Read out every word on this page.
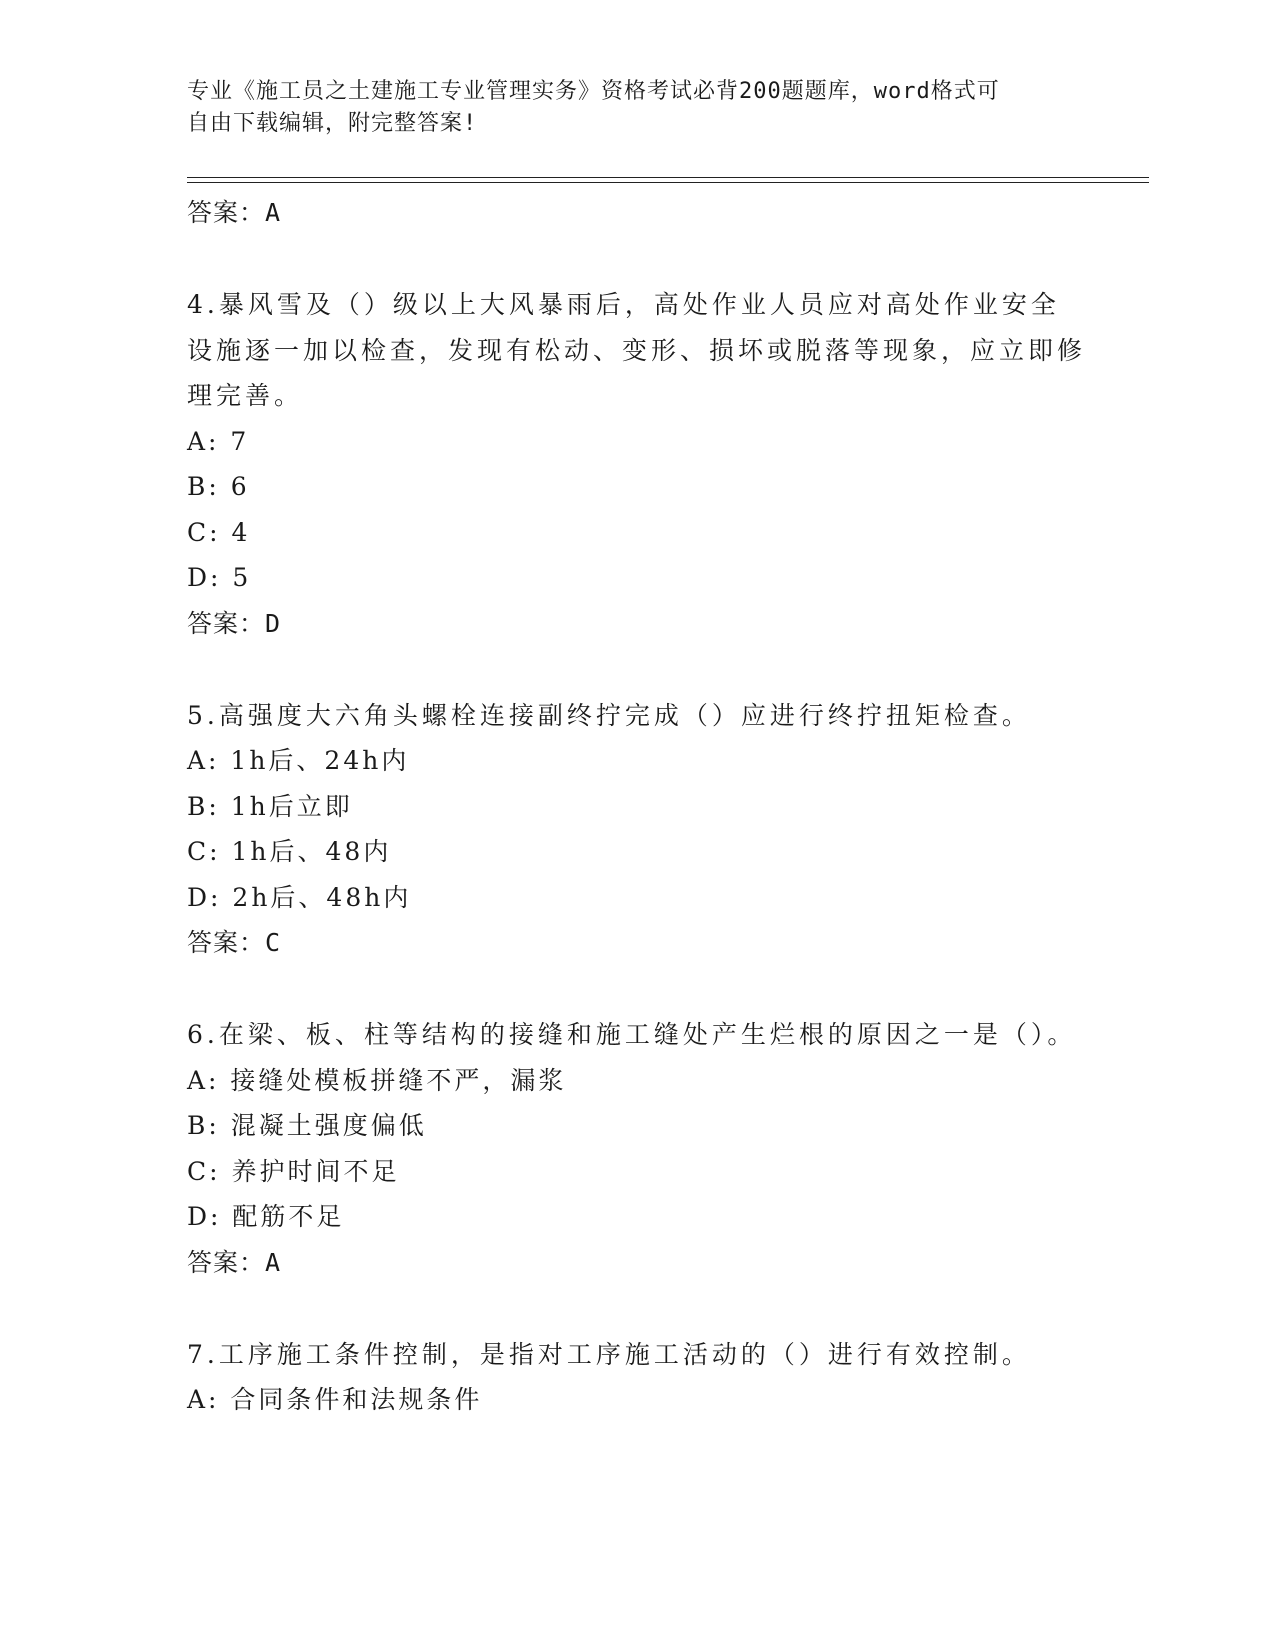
专业《施工员之土建施工专业管理实务》资格考试必背200题题库，word格式可
自由下载编辑，附完整答案!
答案：A
4.暴风雪及（）级以上大风暴雨后，高处作业人员应对高处作业安全设施逐一加以检查，发现有松动、变形、损坏或脱落等现象，应立即修理完善。
A: 7
B: 6
C: 4
D: 5
答案：D
5.高强度大六角头螺栓连接副终拧完成（）应进行终拧扭矩检查。
A: 1h后、24h内
B: 1h后立即
C: 1h后、48内
D: 2h后、48h内
答案：C
6.在梁、板、柱等结构的接缝和施工缝处产生烂根的原因之一是（）。
A: 接缝处模板拼缝不严，漏浆
B: 混凝土强度偏低
C: 养护时间不足
D: 配筋不足
答案：A
7.工序施工条件控制，是指对工序施工活动的（）进行有效控制。
A: 合同条件和法规条件
